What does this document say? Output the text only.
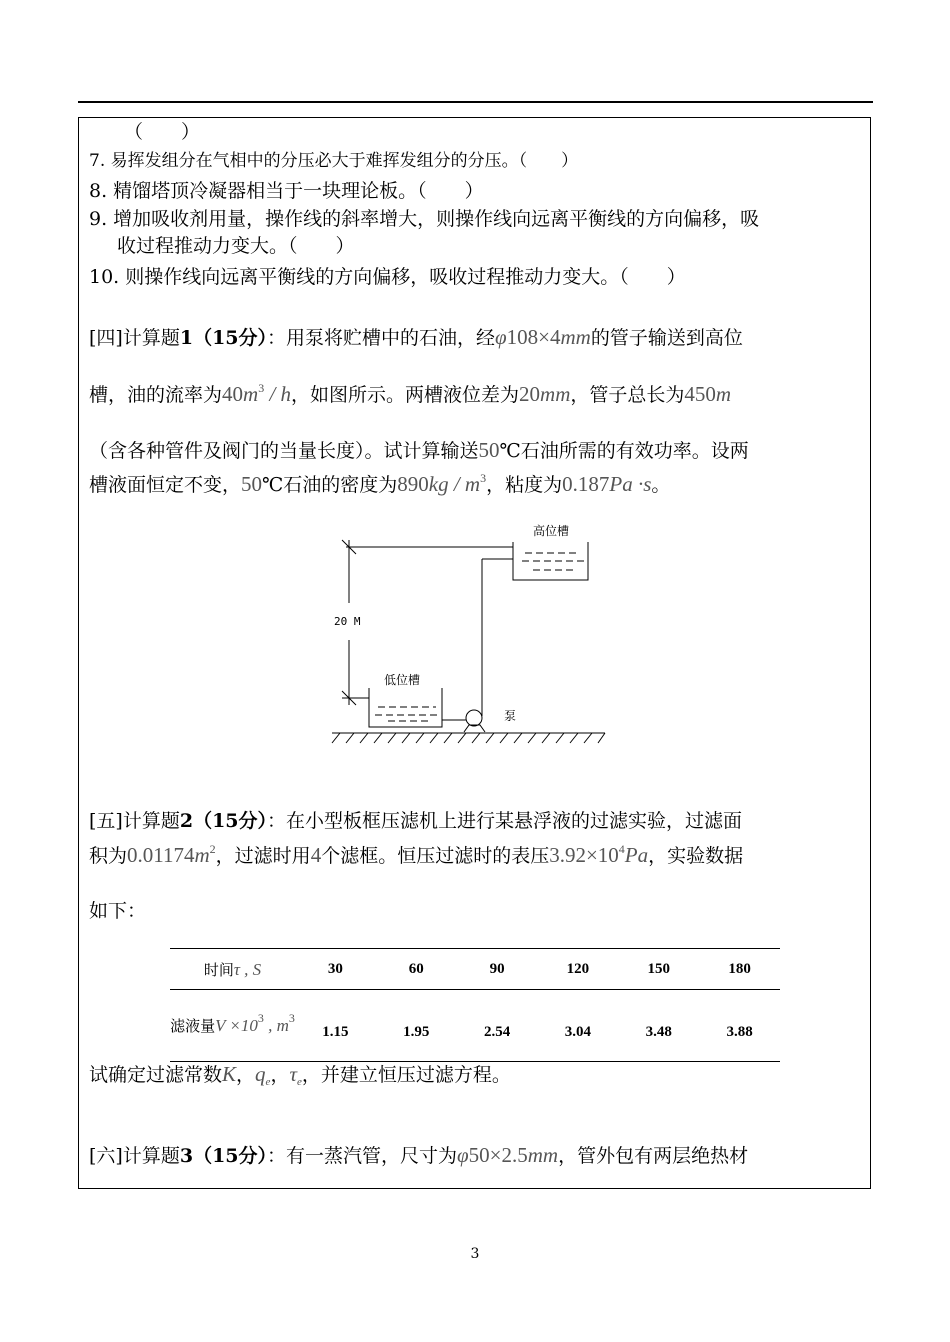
（　　）
7. 易挥发组分在气相中的分压必大于难挥发组分的分压。（　　）
8. 精馏塔顶冷凝器相当于一块理论板。（　　）
9. 增加吸收剂用量，操作线的斜率增大，则操作线向远离平衡线的方向偏移，吸
收过程推动力变大。（　　）
10. 则操作线向远离平衡线的方向偏移，吸收过程推动力变大。（　　）
[四]计算题1（15分）：用泵将贮槽中的石油，经φ108×4mm的管子输送到高位
槽，油的流率为$40m^3$ / h，如图所示。两槽液位差为20mm，管子总长为450m
（含各种管件及阀门的当量长度）。试计算输送50℃石油所需的有效功率。设两
槽液面恒定不变，50℃石油的密度为$890kg / m^3$，粘度为0.187Pa ·s。
高位槽
低位槽
20 M
泵
[五]计算题2（15分）：在小型板框压滤机上进行某悬浮液的过滤实验，过滤面
积为$0.01174m^2$，过滤时用4个滤框。恒压过滤时的表压$3.92\times 10^4Pa$，实验数据
如下：
时间τ , S	30	60	90	120	150	180
滤液量$V \times 10^3$ , $m^3$	1.15	1.95	2.54	3.04	3.48	3.88
试确定过滤常数K，$q_e$，$\tau_e$，并建立恒压过滤方程。
[六]计算题3（15分）：有一蒸汽管，尺寸为φ50×2.5mm，管外包有两层绝热材
3
